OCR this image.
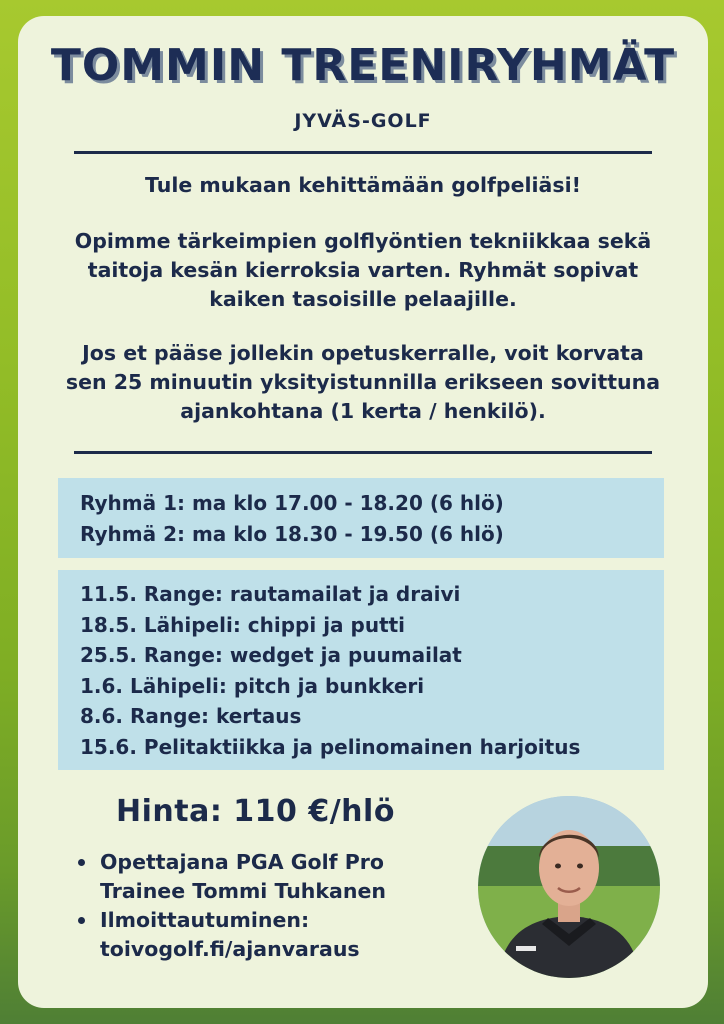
TOMMIN TREENIRYHMÄT
JYVÄS-GOLF
Tule mukaan kehittämään golfpeliäsi!
Opimme tärkeimpien golflyöntien tekniikkaa sekä
taitoja kesän kierroksia varten. Ryhmät sopivat
kaiken tasoisille pelaajille.
Jos et pääse jollekin opetuskerralle, voit korvata
sen 25 minuutin yksityistunnilla erikseen sovittuna
ajankohtana (1 kerta / henkilö).
Ryhmä 1: ma klo 17.00 - 18.20 (6 hlö)
Ryhmä 2: ma klo 18.30 - 19.50 (6 hlö)
11.5. Range: rautamailat ja draivi
18.5. Lähipeli: chippi ja putti
25.5. Range: wedget ja puumailat
1.6. Lähipeli: pitch ja bunkkeri
8.6. Range: kertaus
15.6. Pelitaktiikka ja pelinomainen harjoitus
Hinta: 110 €/hlö
Opettajana PGA Golf Pro
Trainee Tommi Tuhkanen
Ilmoittautuminen:
toivogolf.fi/ajanvaraus
